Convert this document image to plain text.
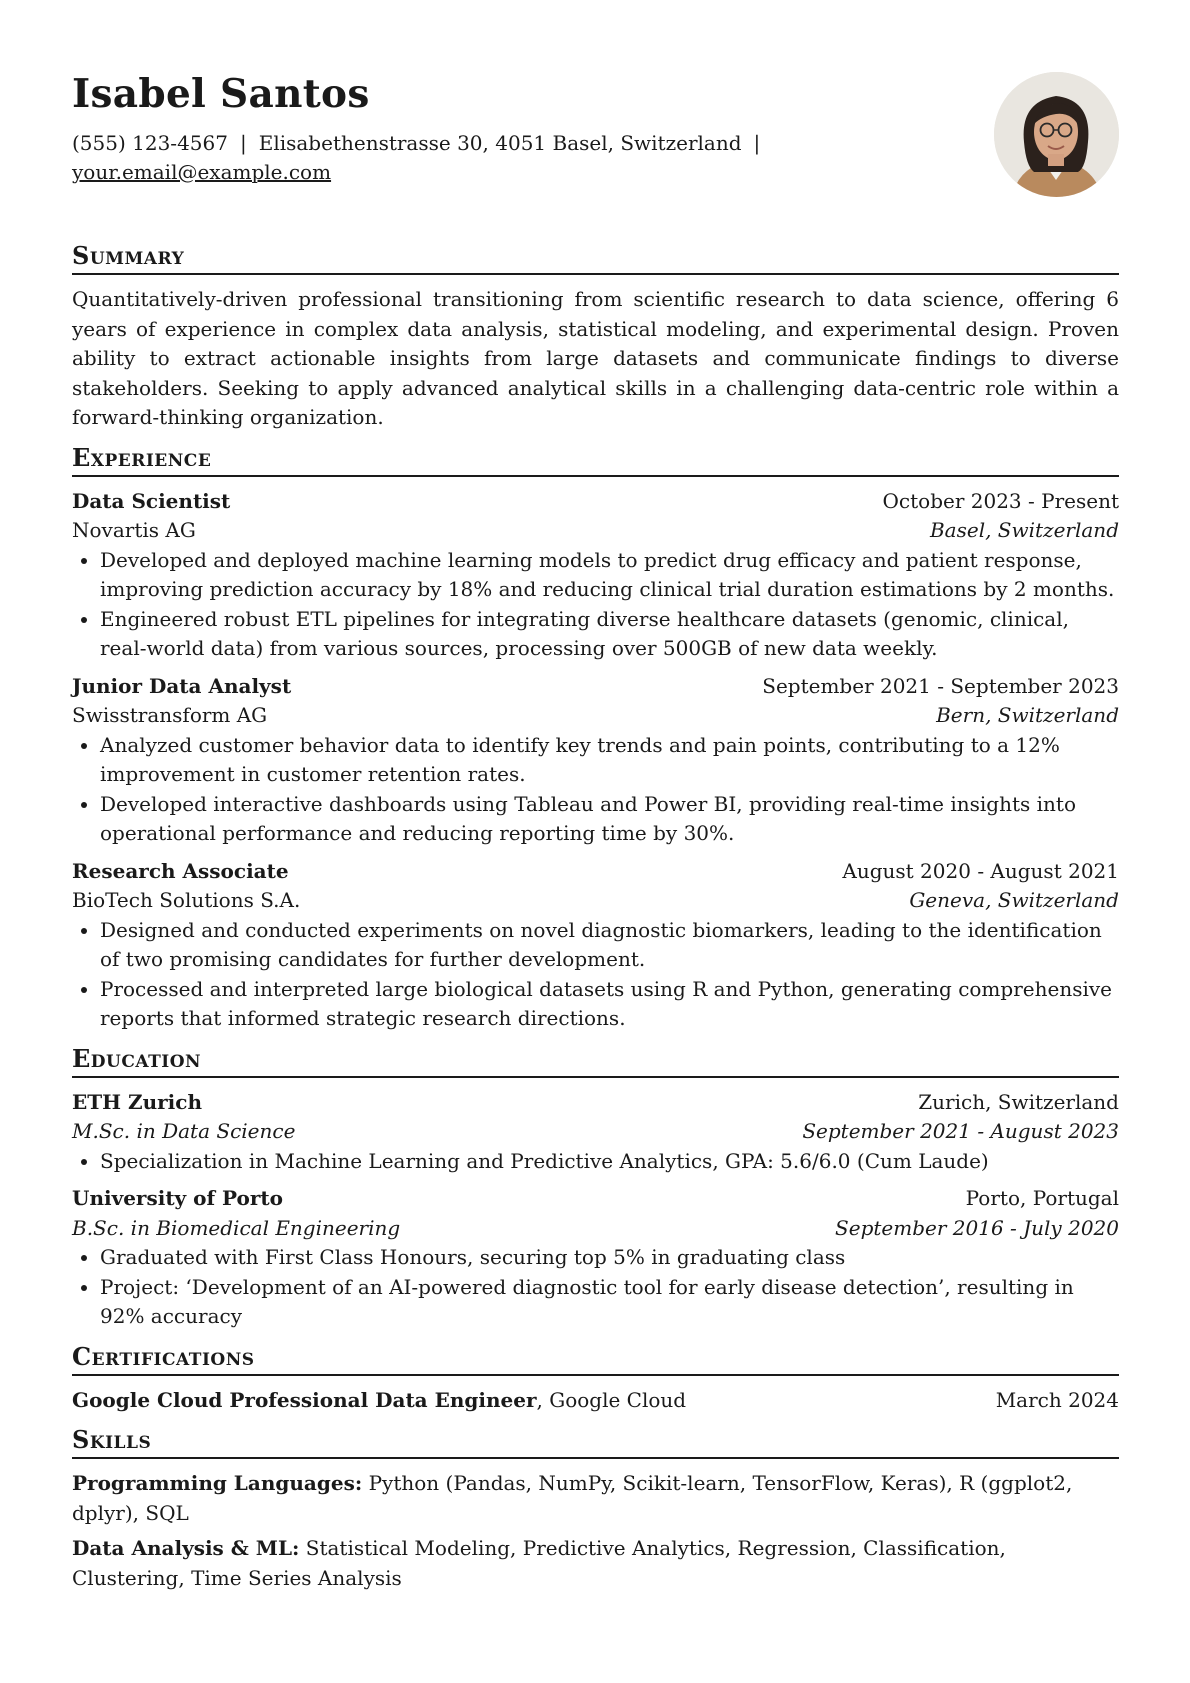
Isabel Santos
(555) 123-4567 | Elisabethenstrasse 30, 4051 Basel, Switzerland |
your.email@example.com
Summary

Quantitatively-driven professional transitioning from scientific research to data science, offering 6 years of experience in complex data analysis, statistical modeling, and experimental design. Proven ability to extract actionable insights from large datasets and communicate findings to diverse stakeholders. Seeking to apply advanced analytical skills in a challenging data-centric role within a forward-thinking organization.

Experience
Data Scientist	October 2023 - Present
Novartis AG	Basel, Switzerland
• Developed and deployed machine learning models to predict drug efficacy and patient response, improving prediction accuracy by 18% and reducing clinical trial duration estimations by 2 months.
• Engineered robust ETL pipelines for integrating diverse healthcare datasets (genomic, clinical, real-world data) from various sources, processing over 500GB of new data weekly.
Junior Data Analyst	September 2021 - September 2023
Swisstransform AG	Bern, Switzerland
• Analyzed customer behavior data to identify key trends and pain points, contributing to a 12% improvement in customer retention rates.
• Developed interactive dashboards using Tableau and Power BI, providing real-time insights into operational performance and reducing reporting time by 30%.
Research Associate	August 2020 - August 2021
BioTech Solutions S.A.	Geneva, Switzerland
• Designed and conducted experiments on novel diagnostic biomarkers, leading to the identification of two promising candidates for further development.
• Processed and interpreted large biological datasets using R and Python, generating comprehensive reports that informed strategic research directions.
Education
ETH Zurich	Zurich, Switzerland
M.Sc. in Data Science	September 2021 - August 2023
• Specialization in Machine Learning and Predictive Analytics, GPA: 5.6/6.0 (Cum Laude)
University of Porto	Porto, Portugal
B.Sc. in Biomedical Engineering	September 2016 - July 2020
• Graduated with First Class Honours, securing top 5% in graduating class
• Project: ‘Development of an AI-powered diagnostic tool for early disease detection’, resulting in 92% accuracy
Certifications
Google Cloud Professional Data Engineer, Google Cloud	March 2024
Skills
Programming Languages: Python (Pandas, NumPy, Scikit-learn, TensorFlow, Keras), R (ggplot2, dplyr), SQL
Data Analysis & ML: Statistical Modeling, Predictive Analytics, Regression, Classification, Clustering, Time Series Analysis
